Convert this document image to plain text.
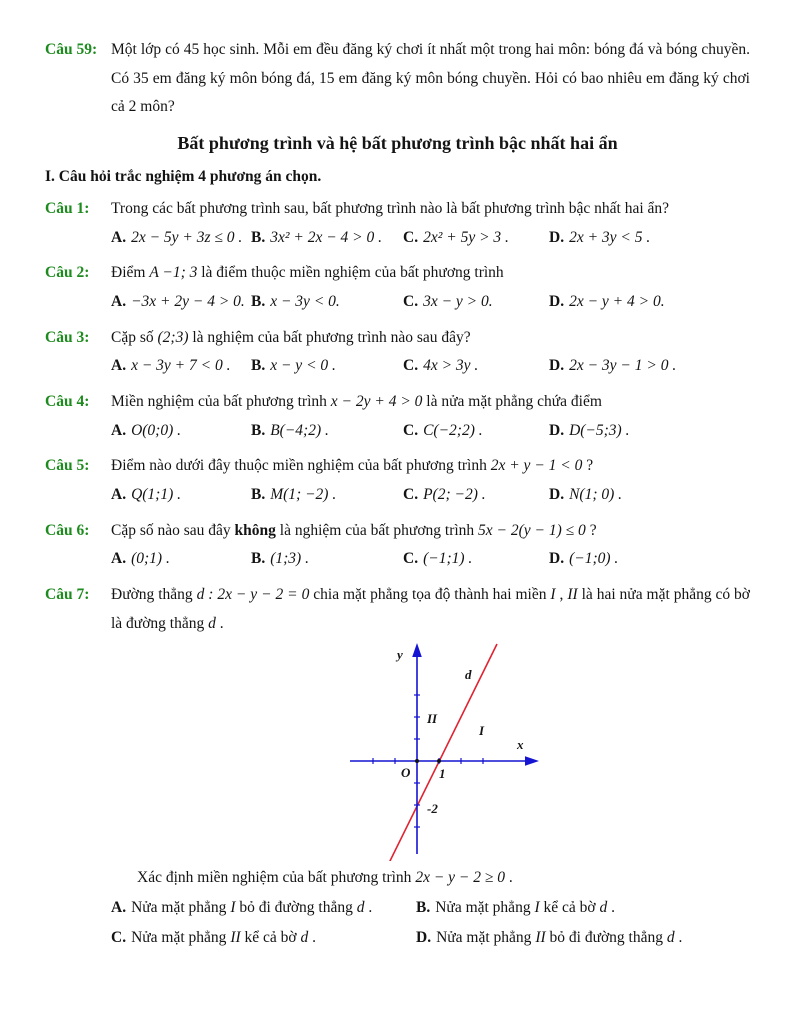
Câu 59: Một lớp có 45 học sinh. Mỗi em đều đăng ký chơi ít nhất một trong hai môn: bóng đá và bóng chuyền. Có 35 em đăng ký môn bóng đá, 15 em đăng ký môn bóng chuyền. Hỏi có bao nhiêu em đăng ký chơi cả 2 môn?
Bất phương trình và hệ bất phương trình bậc nhất hai ẩn
I. Câu hỏi trắc nghiệm 4 phương án chọn.
Câu 1:	Trong các bất phương trình sau, bất phương trình nào là bất phương trình bậc nhất hai ẩn?
A. 2x − 5y + 3z ≤ 0 . B. 3x² + 2x − 4 > 0 .	C. 2x² + 5y > 3 .	D. 2x + 3y < 5 .
Câu 2:	Điểm A −1; 3 là điểm thuộc miền nghiệm của bất phương trình
A. −3x + 2y − 4 > 0. B. x − 3y < 0.	C. 3x − y > 0.	D. 2x − y + 4 > 0.
Câu 3:	Cặp số (2;3) là nghiệm của bất phương trình nào sau đây?
A. x − 3y + 7 < 0 .	B. x − y < 0 .	C. 4x > 3y .	D. 2x − 3y − 1 > 0 .
Câu 4:	Miền nghiệm của bất phương trình x − 2y + 4 > 0 là nửa mặt phẳng chứa điểm
A. O(0;0) .	B. B(−4;2) .	C. C(−2;2) .	D. D(−5;3) .
Câu 5:	Điểm nào dưới đây thuộc miền nghiệm của bất phương trình 2x + y − 1 < 0 ?
A. Q(1;1) .	B. M(1; −2) .	C. P(2; −2) .	D. N(1; 0) .
Câu 6:	Cặp số nào sau đây không là nghiệm của bất phương trình 5x − 2(y − 1) ≤ 0 ?
A. (0;1) .	B. (1;3) .	C. (−1;1) .	D. (−1;0) .
Câu 7:	Đường thẳng d : 2x − y − 2 = 0 chia mặt phẳng tọa độ thành hai miền I , II là hai nửa mặt phẳng có bờ là đường thẳng d .
y
x
d
II
I
O 1
-2
Xác định miền nghiệm của bất phương trình 2x − y − 2 ≥ 0 .
A. Nửa mặt phẳng I bỏ đi đường thẳng d .	B. Nửa mặt phẳng I kể cả bờ d .
C. Nửa mặt phẳng II kể cả bờ d .	D. Nửa mặt phẳng II bỏ đi đường thẳng d .
